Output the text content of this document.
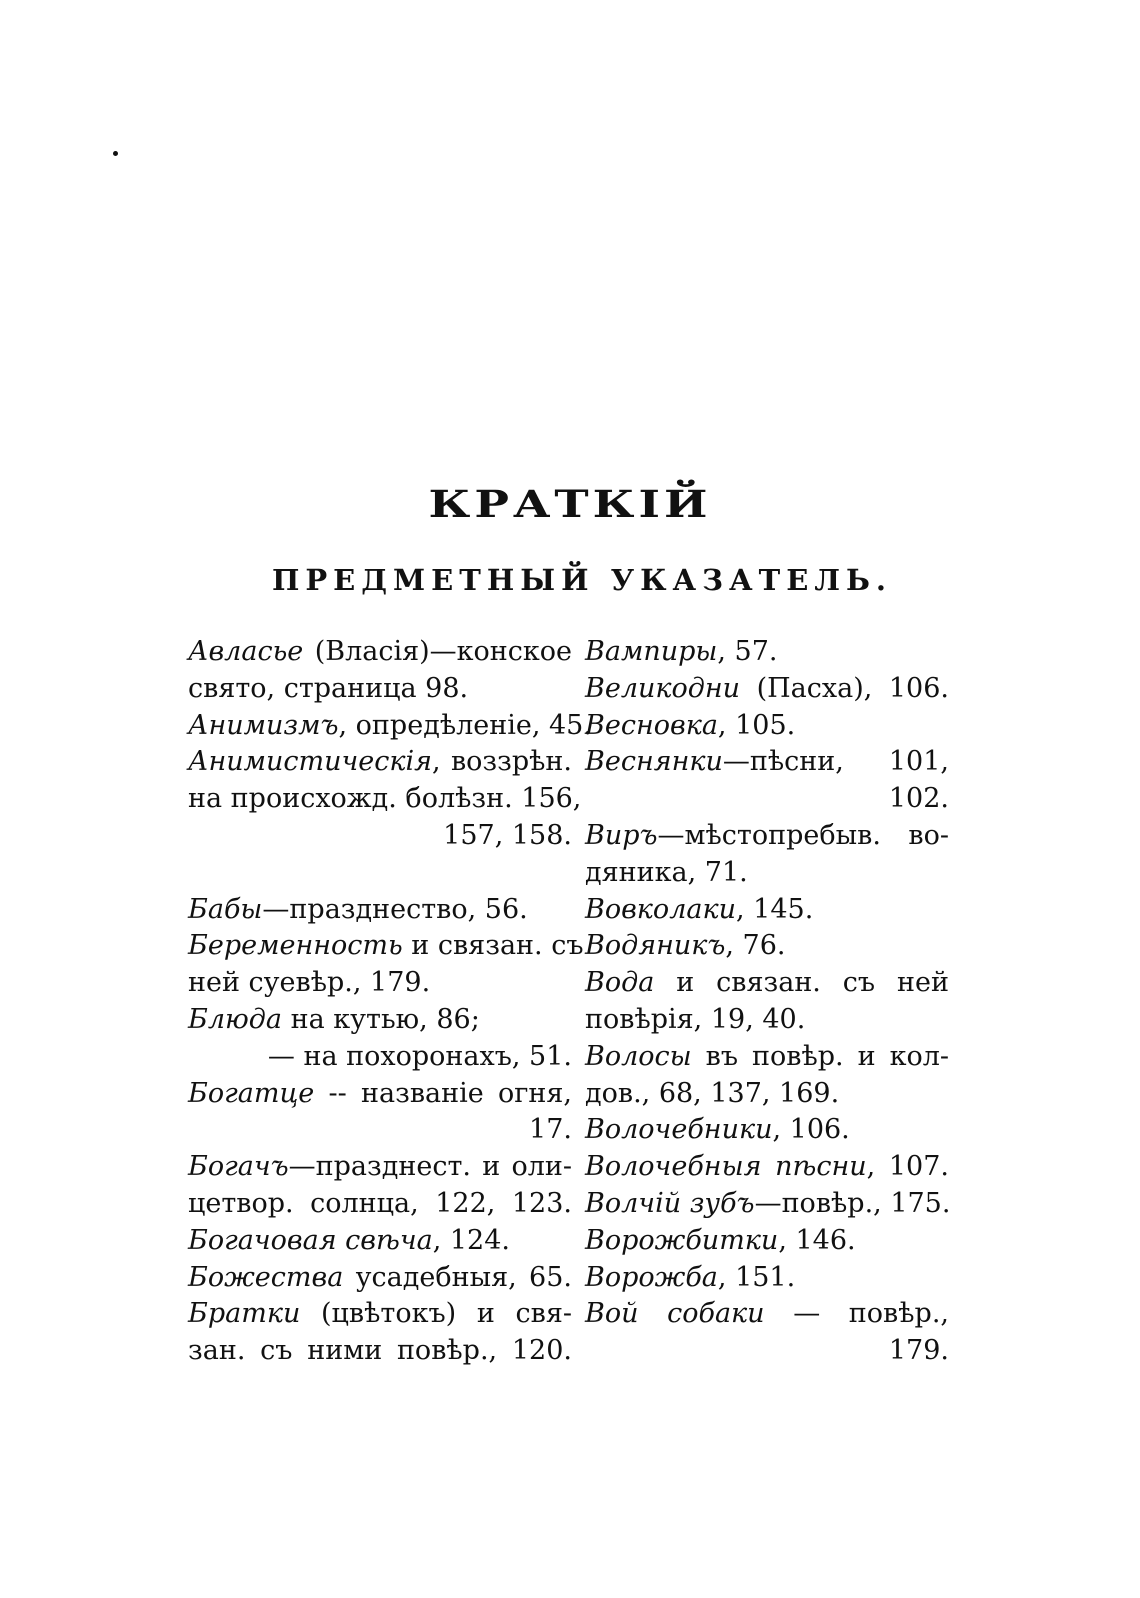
КРАТКІЙ
ПРЕДМЕТНЫЙ УКАЗАТЕЛЬ.
Авласье (Власія)—конское
свято, страница 98.
Анимизмъ, опредѣленіе, 45.
Анимистическія, воззрѣн.
на происхожд. болѣзн. 156,
157, 158.
Бабы—празднество, 56.
Беременность и связан. съ
ней суевѣр., 179.
Блюда на кутью, 86;
— на похоронахъ, 51.
Богатце -- названіе огня,
17.
Богачъ—празднест. и оли-
цетвор. солнца, 122, 123.
Богачовая свѣча, 124.
Божества усадебныя, 65.
Братки (цвѣтокъ) и свя-
зан. съ ними повѣр., 120.
Вампиры, 57.
Великодни (Пасха), 106.
Весновка, 105.
Веснянки—пѣсни, 101,
102.
Виръ—мѣстопребыв. во-
дяника, 71.
Вовколаки, 145.
Водяникъ, 76.
Вода и связан. съ ней
повѣрія, 19, 40.
Волосы въ повѣр. и кол-
дов., 68, 137, 169.
Волочебники, 106.
Волочебныя пѣсни, 107.
Волчій зубъ—повѣр., 175.
Ворожбитки, 146.
Ворожба, 151.
Вой собаки — повѣр.,
179.
